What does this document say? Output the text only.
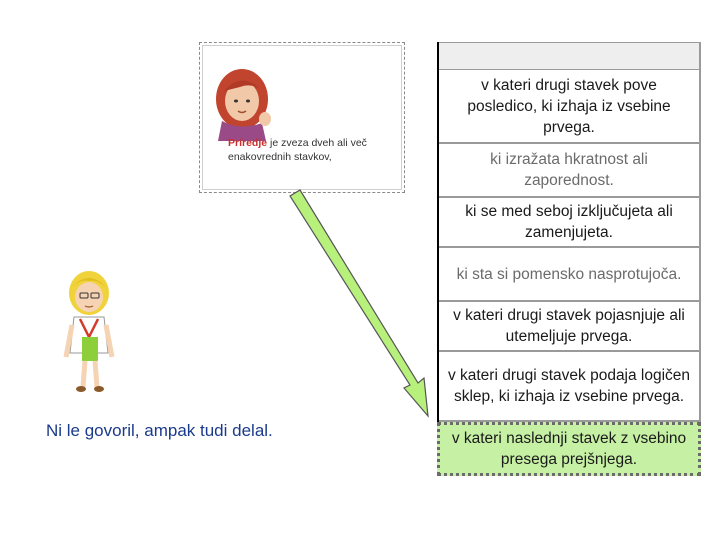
Priredje je zveza dveh ali več
enakovrednih stavkov,
Ni le govoril, ampak tudi delal.
v kateri drugi stavek pove posledico, ki izhaja iz vsebine prvega.
ki izražata hkratnost ali zaporednost.
ki se med seboj izključujeta ali zamenjujeta.
ki sta si pomensko nasprotujoča.
v kateri drugi stavek pojasnjuje ali utemeljuje prvega.
v kateri drugi stavek podaja logičen sklep, ki izhaja iz vsebine prvega.
v kateri naslednji stavek z vsebino presega prejšnjega.
